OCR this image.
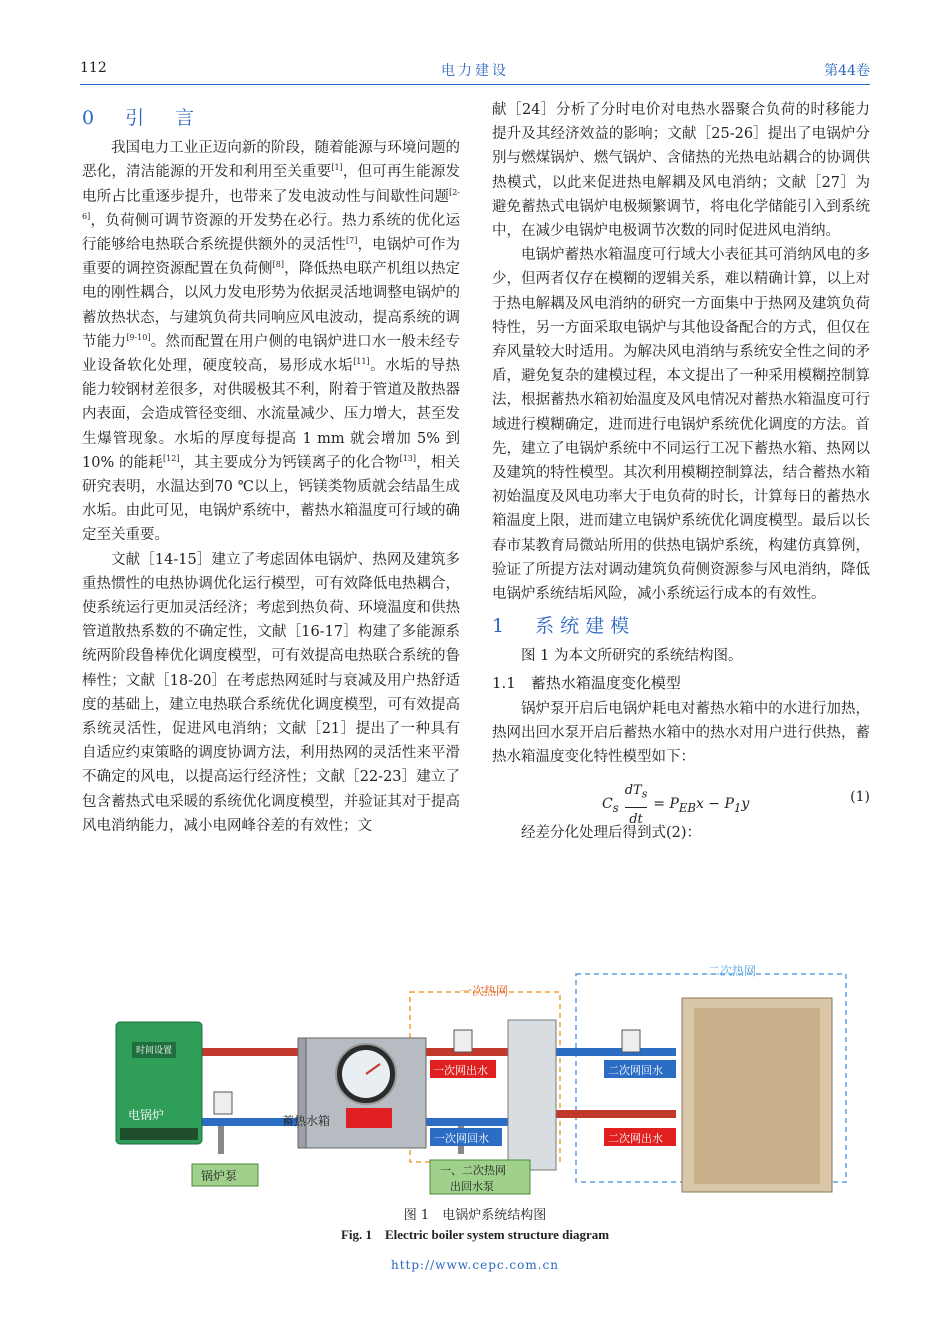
112	电力建设	第44卷
0　引　言

我国电力工业正迈向新的阶段，随着能源与环境问题的恶化，清洁能源的开发和利用至关重要[1]，但可再生能源发电所占比重逐步提升，也带来了发电波动性与间歇性问题[2-6]，负荷侧可调节资源的开发势在必行。热力系统的优化运行能够给电热联合系统提供额外的灵活性[7]，电锅炉可作为重要的调控资源配置在负荷侧[8]，降低热电联产机组以热定电的刚性耦合，以风力发电形势为依据灵活地调整电锅炉的蓄放热状态，与建筑负荷共同响应风电波动，提高系统的调节能力[9-10]。然而配置在用户侧的电锅炉进口水一般未经专业设备软化处理，硬度较高，易形成水垢[11]。水垢的导热能力较钢材差很多，对供暖极其不利，附着于管道及散热器内表面，会造成管径变细、水流量减少、压力增大，甚至发生爆管现象。水垢的厚度每提高 1 mm 就会增加 5% 到 10% 的能耗[12]，其主要成分为钙镁离子的化合物[13]，相关研究表明，水温达到70 ℃以上，钙镁类物质就会结晶生成水垢。由此可见，电锅炉系统中，蓄热水箱温度可行域的确定至关重要。

文献［14-15］建立了考虑固体电锅炉、热网及建筑多重热惯性的电热协调优化运行模型，可有效降低电热耦合，使系统运行更加灵活经济；考虑到热负荷、环境温度和供热管道散热系数的不确定性，文献［16-17］构建了多能源系统两阶段鲁棒优化调度模型，可有效提高电热联合系统的鲁棒性；文献［18-20］在考虑热网延时与衰减及用户热舒适度的基础上，建立电热联合系统优化调度模型，可有效提高系统灵活性，促进风电消纳；文献［21］提出了一种具有自适应约束策略的调度协调方法，利用热网的灵活性来平滑不确定的风电，以提高运行经济性；文献［22-23］建立了包含蓄热式电采暖的系统优化调度模型，并验证其对于提高风电消纳能力，减小电网峰谷差的有效性；文

献［24］分析了分时电价对电热水器聚合负荷的时移能力提升及其经济效益的影响；文献［25-26］提出了电锅炉分别与燃煤锅炉、燃气锅炉、含储热的光热电站耦合的协调供热模式，以此来促进热电解耦及风电消纳；文献［27］为避免蓄热式电锅炉电极频繁调节，将电化学储能引入到系统中，在减少电锅炉电极调节次数的同时促进风电消纳。

电锅炉蓄热水箱温度可行域大小表征其可消纳风电的多少，但两者仅存在模糊的逻辑关系，难以精确计算，以上对于热电解耦及风电消纳的研究一方面集中于热网及建筑负荷特性，另一方面采取电锅炉与其他设备配合的方式，但仅在弃风量较大时适用。为解决风电消纳与系统安全性之间的矛盾，避免复杂的建模过程，本文提出了一种采用模糊控制算法，根据蓄热水箱初始温度及风电情况对蓄热水箱温度可行域进行模糊确定，进而进行电锅炉系统优化调度的方法。首先，建立了电锅炉系统中不同运行工况下蓄热水箱、热网以及建筑的特性模型。其次利用模糊控制算法，结合蓄热水箱初始温度及风电功率大于电负荷的时长，计算每日的蓄热水箱温度上限，进而建立电锅炉系统优化调度模型。最后以长春市某教育局微站所用的供热电锅炉系统，构建仿真算例，验证了所提方法对调动建筑负荷侧资源参与风电消纳，降低电锅炉系统结垢风险，减小系统运行成本的有效性。

1　系统建模

图 1 为本文所研究的系统结构图。

1.1　蓄热水箱温度变化模型

锅炉泵开启后电锅炉耗电对蓄热水箱中的水进行加热，热网出回水泵开启后蓄热水箱中的热水对用户进行供热，蓄热水箱温度变化特性模型如下：

$C_s \frac{dT_s}{dt} = P_{EB}x - P_1y$	(1)

经差分化处理后得到式(2)：

二次热网
一次热网
时间设置
电锅炉	蓄热水箱
锅炉泵
一次网出水
一次网回水
二次网回水
二次网出水
一、二次热网
出回水泵
图 1　电锅炉系统结构图
Fig. 1　Electric boiler system structure diagram
http://www.cepc.com.cn
